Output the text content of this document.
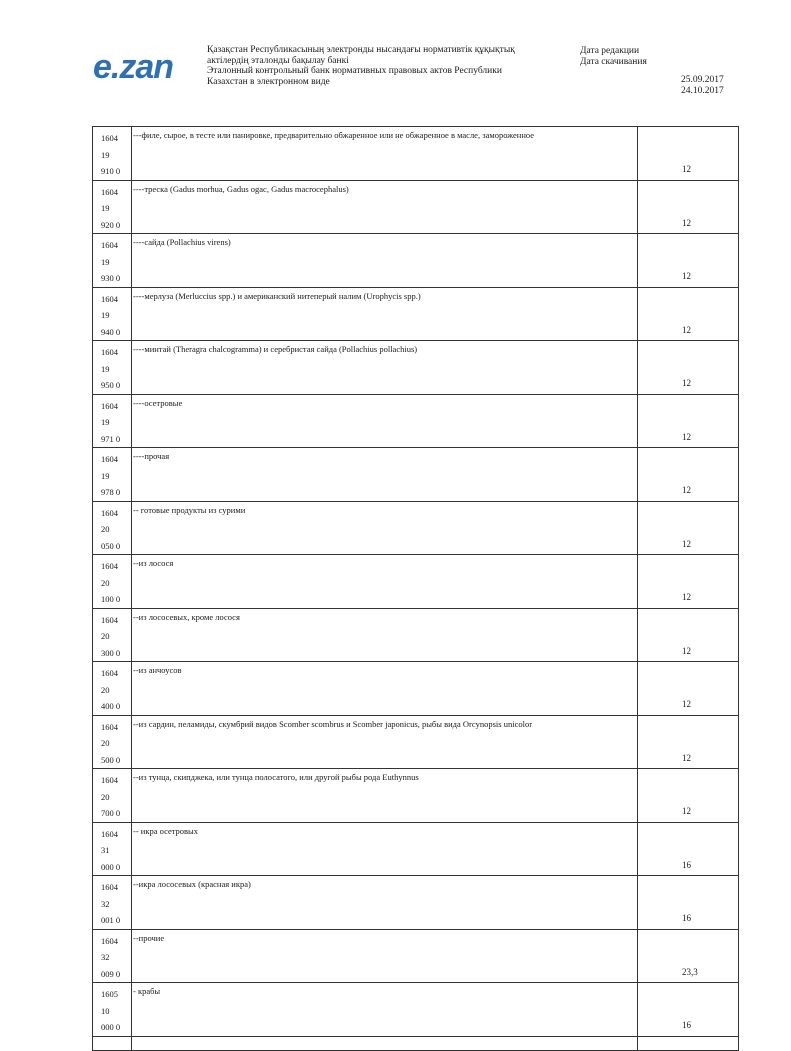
e.zan	Қазақстан Республикасының электронды нысандағы нормативтік құқықтық
актілердің эталонды бақылау банкі
Эталонный контрольный банк нормативных правовых актов Республики
Казахстан в электронном виде
Дата редакции
Дата скачивания
25.09.2017
24.10.2017
1604
19
910 0	---филе, сырое, в тесте или панировке, предварительно обжаренное или не обжаренное в масле, замороженное	12

1604
19
920 0	----треска (Gadus morhua, Gadus ogac, Gadus macrocephalus)	12

1604
19
930 0	----сайда (Pollachius virens)	12

1604
19
940 0	----мерлуза (Merluccius spp.) и американский нитеперый налим (Urophycis spp.)	12

1604
19
950 0	----минтай (Theragra chalcogramma) и серебристая сайда (Pollachius pollachius)	12

1604
19
971 0	----осетровые	12

1604
19
978 0	----прочая	12

1604
20
050 0	-- готовые продукты из сурими	12

1604
20
100 0	--из лосося	12

1604
20
300 0	--из лососевых, кроме лосося	12

1604
20
400 0	--из анчоусов	12

1604
20
500 0	--из сардин, пеламиды, скумбрий видов Scomber scombrus и Scomber japonicus, рыбы вида Orcynopsis unicolor	12

1604
20
700 0	--из тунца, скипджека, или тунца полосатого, или другой рыбы рода Euthynnus	12

1604
31
000 0	-- икра осетровых	16

1604
32
001 0	--икра лососевых (красная икра)	16

1604
32
009 0	--прочие	23,3

1605
10
000 0	- крабы	16
